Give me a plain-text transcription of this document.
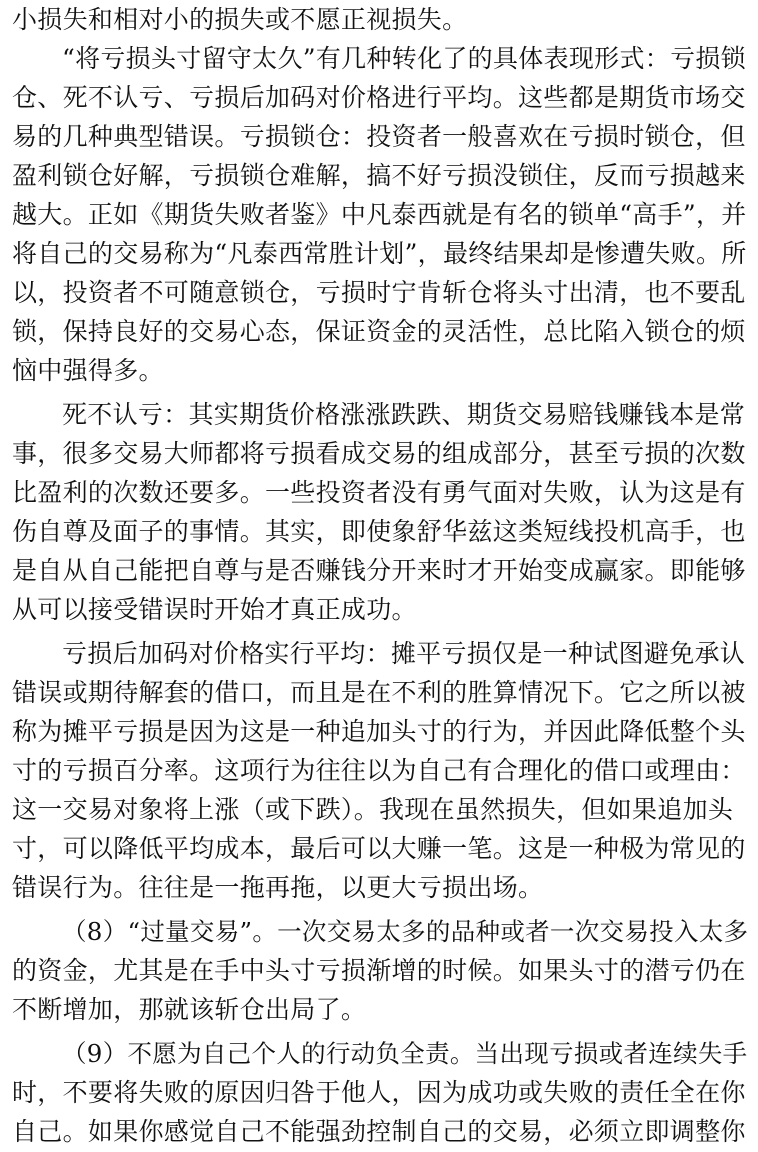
小损失和相对小的损失或不愿正视损失。
“将亏损头寸留守太久”有几种转化了的具体表现形式：亏损锁
仓、死不认亏、亏损后加码对价格进行平均。这些都是期货市场交
易的几种典型错误。亏损锁仓：投资者一般喜欢在亏损时锁仓，但
盈利锁仓好解，亏损锁仓难解，搞不好亏损没锁住，反而亏损越来
越大。正如《期货失败者鉴》中凡泰西就是有名的锁单“高手”，并
将自己的交易称为“凡泰西常胜计划”，最终结果却是惨遭失败。所
以，投资者不可随意锁仓，亏损时宁肯斩仓将头寸出清，也不要乱
锁，保持良好的交易心态，保证资金的灵活性，总比陷入锁仓的烦
恼中强得多。
死不认亏：其实期货价格涨涨跌跌、期货交易赔钱赚钱本是常
事，很多交易大师都将亏损看成交易的组成部分，甚至亏损的次数
比盈利的次数还要多。一些投资者没有勇气面对失败，认为这是有
伤自尊及面子的事情。其实，即使象舒华兹这类短线投机高手，也
是自从自己能把自尊与是否赚钱分开来时才开始变成赢家。即能够
从可以接受错误时开始才真正成功。
亏损后加码对价格实行平均：摊平亏损仅是一种试图避免承认
错误或期待解套的借口，而且是在不利的胜算情况下。它之所以被
称为摊平亏损是因为这是一种追加头寸的行为，并因此降低整个头
寸的亏损百分率。这项行为往往以为自己有合理化的借口或理由：
这一交易对象将上涨（或下跌）。我现在虽然损失，但如果追加头
寸，可以降低平均成本，最后可以大赚一笔。这是一种极为常见的
错误行为。往往是一拖再拖，以更大亏损出场。
（8）“过量交易”。一次交易太多的品种或者一次交易投入太多
的资金，尤其是在手中头寸亏损渐增的时候。如果头寸的潜亏仍在
不断增加，那就该斩仓出局了。
（9）不愿为自己个人的行动负全责。当出现亏损或者连续失手
时，不要将失败的原因归咎于他人，因为成功或失败的责任全在你
自己。如果你感觉自己不能强劲控制自己的交易，必须立即调整你
